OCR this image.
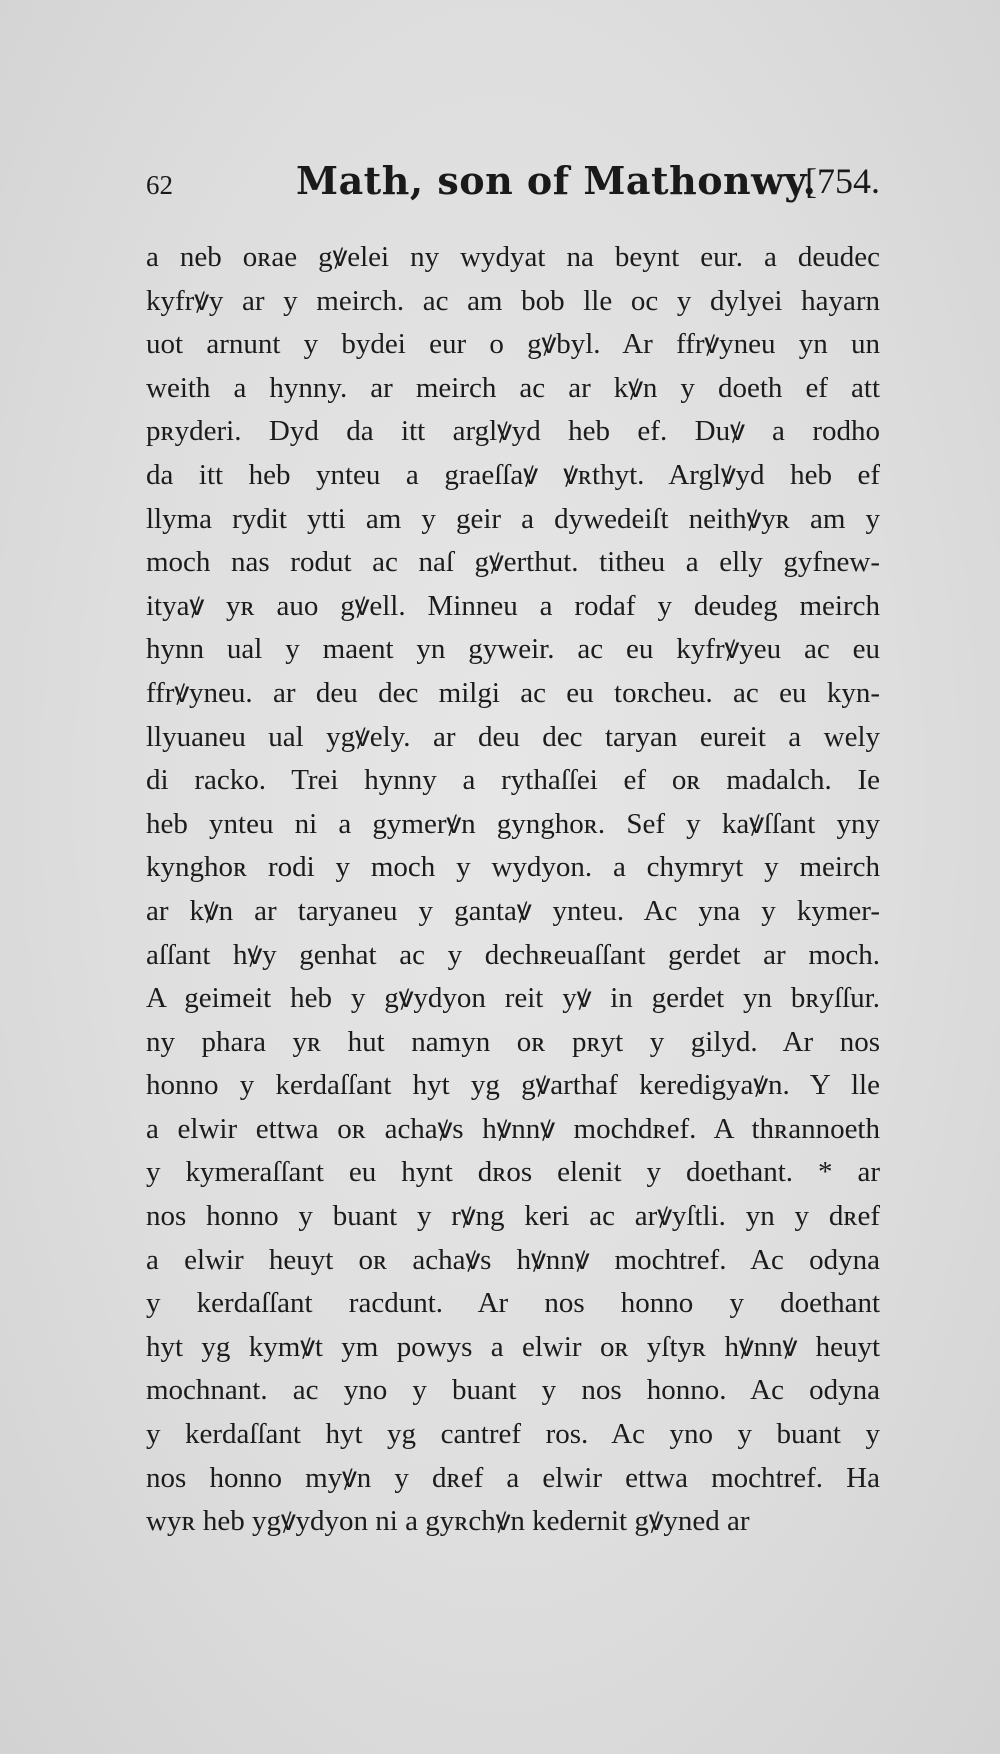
62	Math, son of Mathonwy.
[754.
a neb oʀae gꝟelei ny wydyat na beynt eur. a deudec
kyfrꝟy ar y meirch. ac am bob lle oc y dylyei hayarn
uot arnunt y bydei eur o gꝟbyl. Ar ffrꝟyneu yn un
weith a hynny. ar meirch ac ar kꝟn y doeth ef att
pʀyderi. Dyd da itt arglꝟyd heb ef. Duꝟ a rodho
da itt heb ynteu a graeſſaꝟ ꝟʀthyt. Arglꝟyd heb ef
llyma rydit ytti am y geir a dywedeiſt neithꝟyʀ am y
moch nas rodut ac naſ gꝟerthut. titheu a elly gyfnew-
ityaꝟ yʀ auo gꝟell. Minneu a rodaf y deudeg meirch
hynn ual y maent yn gyweir. ac eu kyfrꝟyeu ac eu
ffrꝟyneu. ar deu dec milgi ac eu toʀcheu. ac eu kyn-
llyuaneu ual ygꝟely. ar deu dec taryan eureit a wely
di racko. Trei hynny a rythaſſei ef oʀ madalch. Ie
heb ynteu ni a gymerꝟn gynghoʀ. Sef y kaꝟſſant yny
kynghoʀ rodi y moch y wydyon. a chymryt y meirch
ar kꝟn ar taryaneu y gantaꝟ ynteu. Ac yna y kymer-
aſſant hꝟy genhat ac y dechʀeuaſſant gerdet ar moch.
A geimeit heb y gꝟydyon reit yꝟ in gerdet yn bʀyſſur.
ny phara yʀ hut namyn oʀ pʀyt y gilyd. Ar nos
honno y kerdaſſant hyt yg gꝟarthaf keredigyaꝟn. Y lle
a elwir ettwa oʀ achaꝟs hꝟnnꝟ mochdʀef. A thʀannoeth
y kymeraſſant eu hynt dʀos elenit y doethant. * ar
nos honno y buant y rꝟng keri ac arꝟyſtli. yn y dʀef
a elwir heuyt oʀ achaꝟs hꝟnnꝟ mochtref. Ac odyna
y kerdaſſant racdunt. Ar nos honno y doethant
hyt yg kymꝟt ym powys a elwir oʀ yſtyʀ hꝟnnꝟ heuyt
mochnant. ac yno y buant y nos honno. Ac odyna
y kerdaſſant hyt yg cantref ros. Ac yno y buant y
nos honno myꝟn y dʀef a elwir ettwa mochtref. Ha
wyʀ heb ygꝟydyon ni a gyʀchꝟn kedernit gꝟyned ar
